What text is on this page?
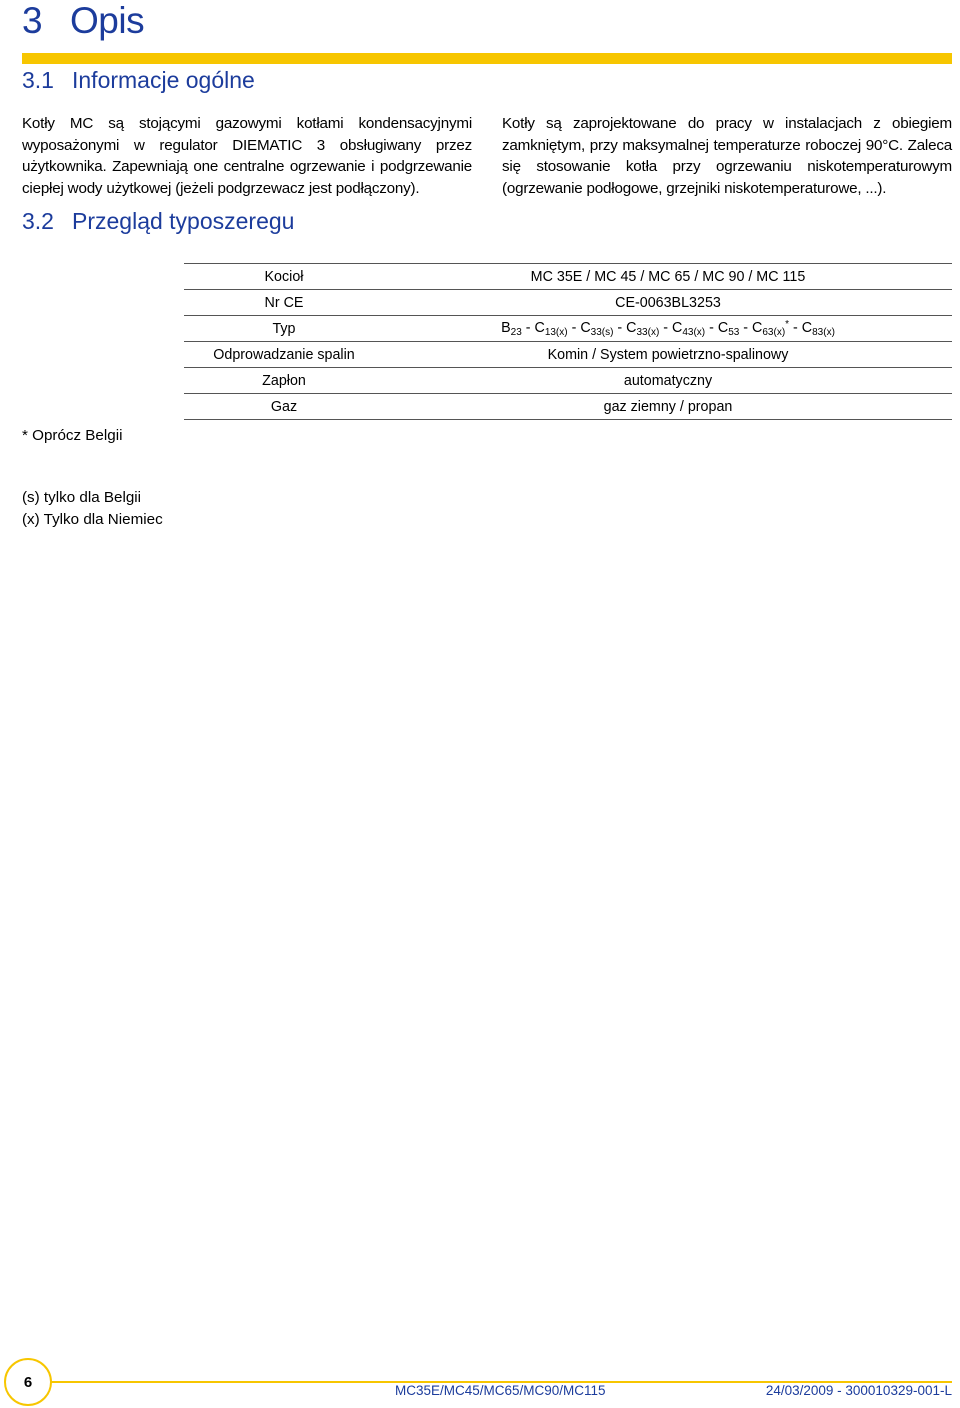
3 Opis
3.1 Informacje ogólne
Kotły MC są stojącymi gazowymi kotłami kondensacyjnymi wyposażonymi w regulator DIEMATIC 3 obsługiwany przez użytkownika. Zapewniają one centralne ogrzewanie i podgrzewanie ciepłej wody użytkowej (jeżeli podgrzewacz jest podłączony).
Kotły są zaprojektowane do pracy w instalacjach z obiegiem zamkniętym, przy maksymalnej temperaturze roboczej 90°C. Zaleca się stosowanie kotła przy ogrzewaniu niskotemperaturowym (ogrzewanie podłogowe, grzejniki niskotemperaturowe, ...).
3.2 Przegląd typoszeregu
	Kocioł	MC 35E / MC 45 / MC 65 / MC 90 / MC 115
	Nr CE	CE-0063BL3253
	Typ	$B_{23} - C_{13(x)} - C_{33(s)} - C_{33(x)} - C_{43(x)} - C_{53} - C_{63(x)}^* - C_{83(x)}$
	Odprowadzanie spalin	Komin / System powietrzno-spalinowy
	Zapłon	automatyczny
	Gaz	gaz ziemny / propan
* Oprócz Belgii
(s) tylko dla Belgii
(x) Tylko dla Niemiec
6	MC35E/MC45/MC65/MC90/MC115	24/03/2009 - 300010329-001-L
